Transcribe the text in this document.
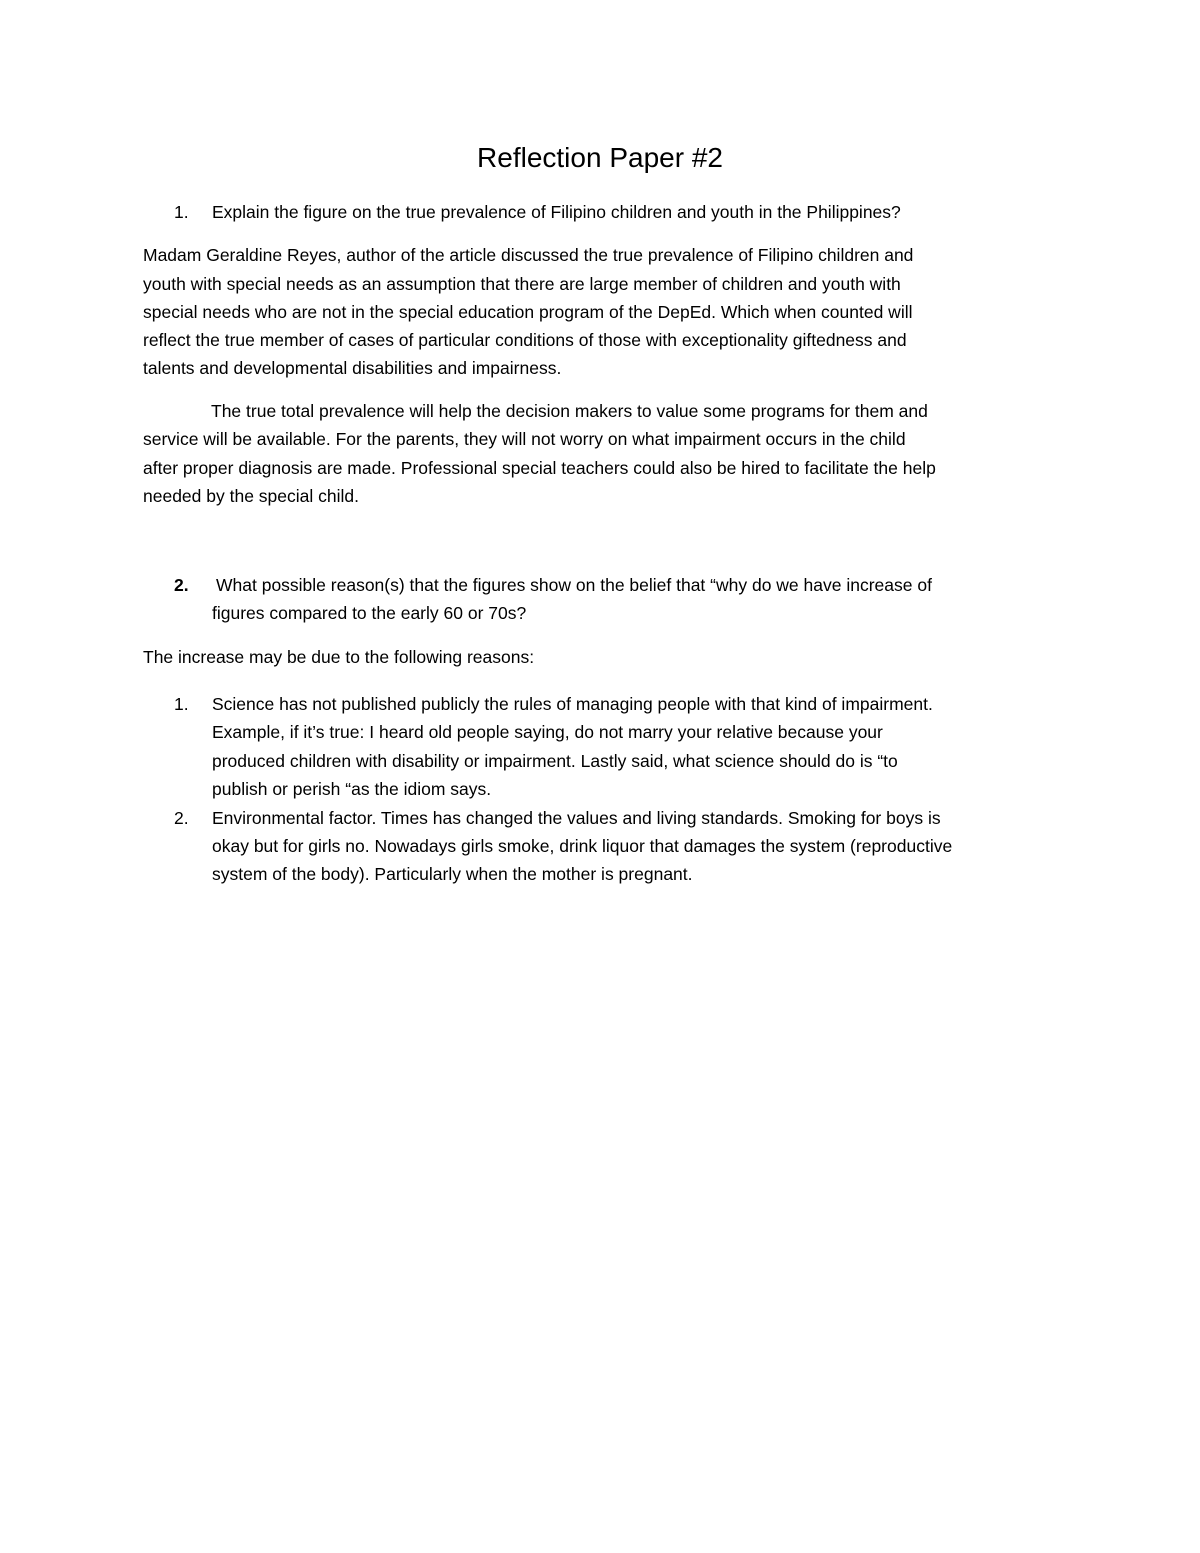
Reflection Paper #2
1. Explain the figure on the true prevalence of Filipino children and youth in the Philippines?
Madam Geraldine Reyes, author of the article discussed the true prevalence of Filipino children and
youth with special needs as an assumption that there are large member of children and youth with
special needs who are not in the special education program of the DepEd. Which when counted will
reflect the true member of cases of particular conditions of those with exceptionality giftedness and
talents and developmental disabilities and impairness.
The true total prevalence will help the decision makers to value some programs for them and
service will be available. For the parents, they will not worry on what impairment occurs in the child
after proper diagnosis are made. Professional special teachers could also be hired to facilitate the help
needed by the special child.
2. What possible reason(s) that the figures show on the belief that “why do we have increase of
figures compared to the early 60 or 70s?
The increase may be due to the following reasons:
1. Science has not published publicly the rules of managing people with that kind of impairment.
Example, if it’s true: I heard old people saying, do not marry your relative because your
produced children with disability or impairment. Lastly said, what science should do is “to
publish or perish “as the idiom says.
2. Environmental factor. Times has changed the values and living standards. Smoking for boys is
okay but for girls no. Nowadays girls smoke, drink liquor that damages the system (reproductive
system of the body). Particularly when the mother is pregnant.
